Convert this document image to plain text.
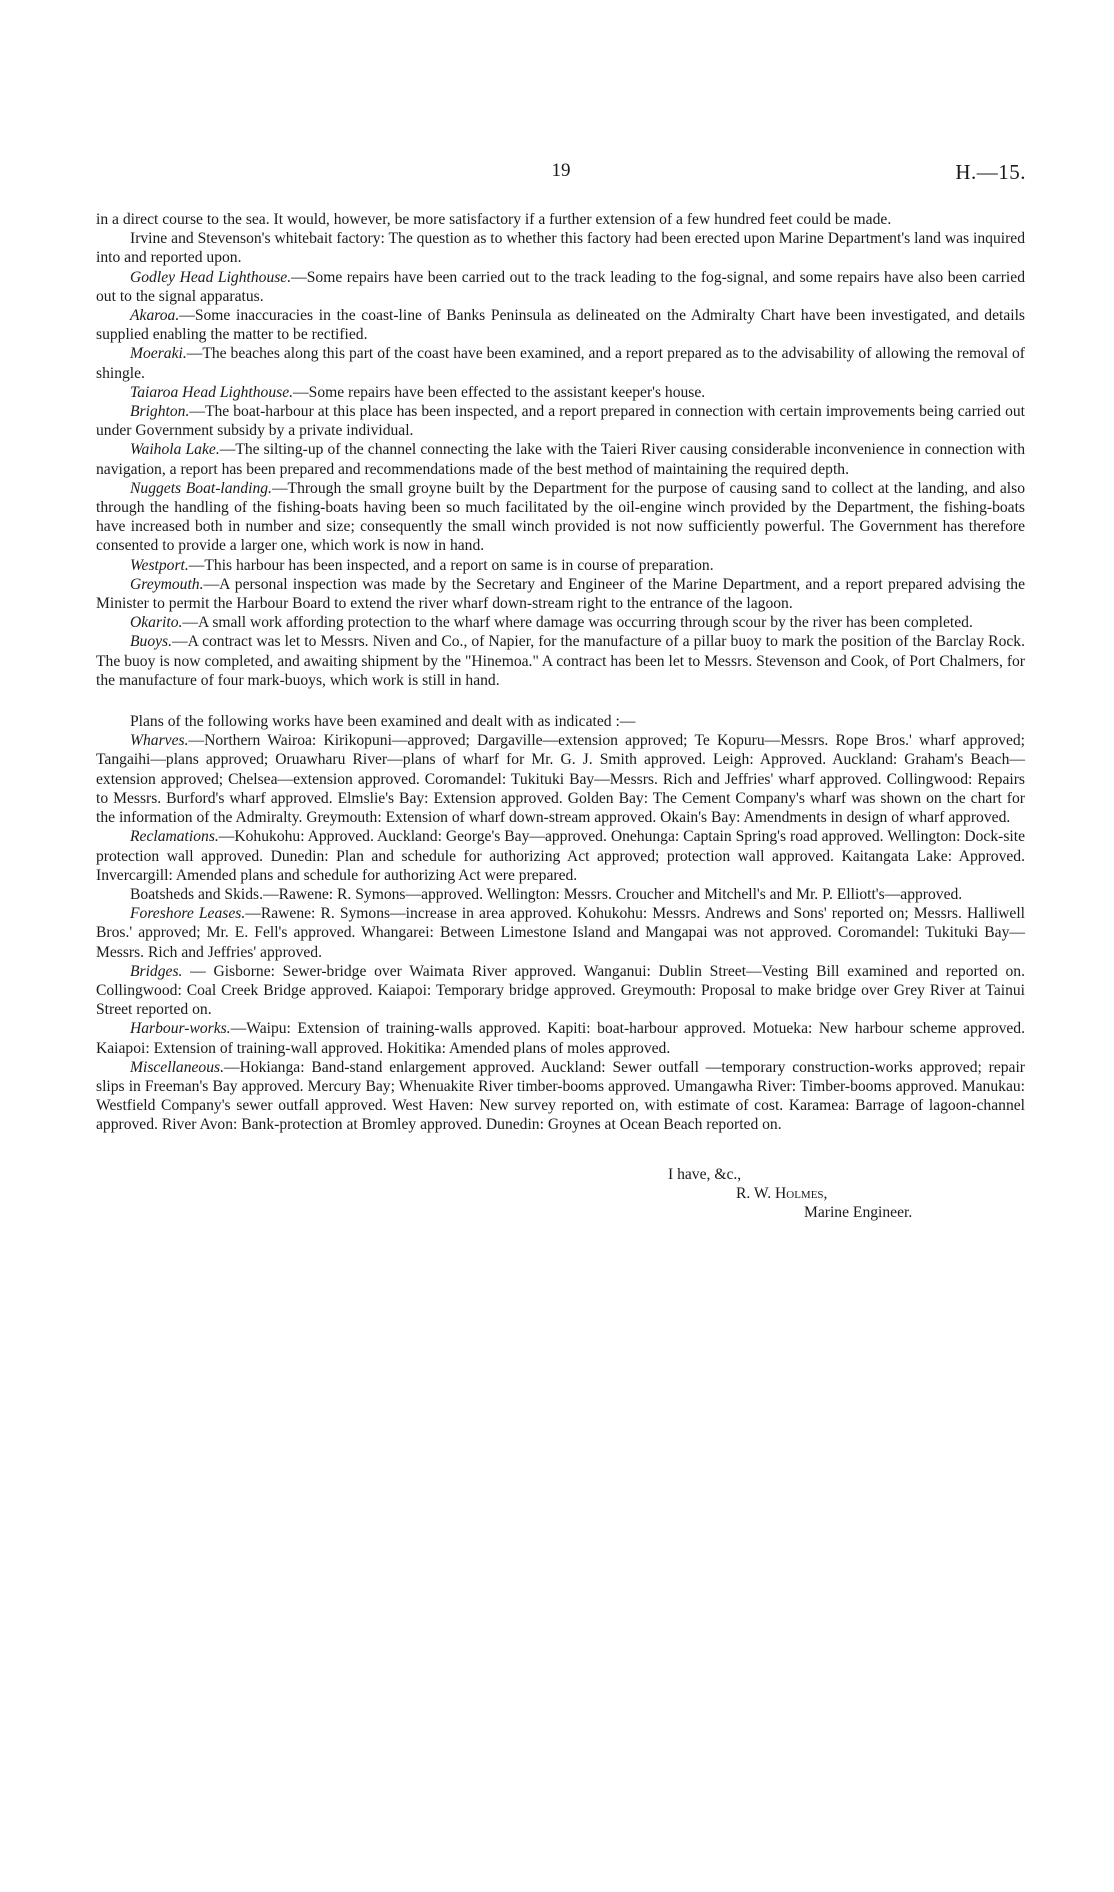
19	H.—15.

in a direct course to the sea. It would, however, be more satisfactory if a further extension of a few hundred feet could be made.

Irvine and Stevenson's whitebait factory: The question as to whether this factory had been erected upon Marine Department's land was inquired into and reported upon.

Godley Head Lighthouse.—Some repairs have been carried out to the track leading to the fog-signal, and some repairs have also been carried out to the signal apparatus.

Akaroa.—Some inaccuracies in the coast-line of Banks Peninsula as delineated on the Admiralty Chart have been investigated, and details supplied enabling the matter to be rectified.

Moeraki.—The beaches along this part of the coast have been examined, and a report prepared as to the advisability of allowing the removal of shingle.

Taiaroa Head Lighthouse.—Some repairs have been effected to the assistant keeper's house.

Brighton.—The boat-harbour at this place has been inspected, and a report prepared in connection with certain improvements being carried out under Government subsidy by a private individual.

Waihola Lake.—The silting-up of the channel connecting the lake with the Taieri River causing considerable inconvenience in connection with navigation, a report has been prepared and recommendations made of the best method of maintaining the required depth.

Nuggets Boat-landing.—Through the small groyne built by the Department for the purpose of causing sand to collect at the landing, and also through the handling of the fishing-boats having been so much facilitated by the oil-engine winch provided by the Department, the fishing-boats have increased both in number and size; consequently the small winch provided is not now sufficiently powerful. The Government has therefore consented to provide a larger one, which work is now in hand.

Westport.—This harbour has been inspected, and a report on same is in course of preparation.

Greymouth.—A personal inspection was made by the Secretary and Engineer of the Marine Department, and a report prepared advising the Minister to permit the Harbour Board to extend the river wharf down-stream right to the entrance of the lagoon.

Okarito.—A small work affording protection to the wharf where damage was occurring through scour by the river has been completed.

Buoys.—A contract was let to Messrs. Niven and Co., of Napier, for the manufacture of a pillar buoy to mark the position of the Barclay Rock. The buoy is now completed, and awaiting shipment by the "Hinemoa." A contract has been let to Messrs. Stevenson and Cook, of Port Chalmers, for the manufacture of four mark-buoys, which work is still in hand.

Plans of the following works have been examined and dealt with as indicated :—

Wharves.—Northern Wairoa: Kirikopuni—approved; Dargaville—extension approved; Te Kopuru—Messrs. Rope Bros.' wharf approved; Tangaihi—plans approved; Oruawharu River—plans of wharf for Mr. G. J. Smith approved. Leigh: Approved. Auckland: Graham's Beach—extension approved; Chelsea—extension approved. Coromandel: Tukituki Bay—Messrs. Rich and Jeffries' wharf approved. Collingwood: Repairs to Messrs. Burford's wharf approved. Elmslie's Bay: Extension approved. Golden Bay: The Cement Company's wharf was shown on the chart for the information of the Admiralty. Greymouth: Extension of wharf down-stream approved. Okain's Bay: Amendments in design of wharf approved.

Reclamations.—Kohukohu: Approved. Auckland: George's Bay—approved. Onehunga: Captain Spring's road approved. Wellington: Dock-site protection wall approved. Dunedin: Plan and schedule for authorizing Act approved; protection wall approved. Kaitangata Lake: Approved. Invercargill: Amended plans and schedule for authorizing Act were prepared.

Boatsheds and Skids.—Rawene: R. Symons—approved. Wellington: Messrs. Croucher and Mitchell's and Mr. P. Elliott's—approved.

Foreshore Leases.—Rawene: R. Symons—increase in area approved. Kohukohu: Messrs. Andrews and Sons' reported on; Messrs. Halliwell Bros.' approved; Mr. E. Fell's approved. Whangarei: Between Limestone Island and Mangapai was not approved. Coromandel: Tukituki Bay—Messrs. Rich and Jeffries' approved.

Bridges. — Gisborne: Sewer-bridge over Waimata River approved. Wanganui: Dublin Street—Vesting Bill examined and reported on. Collingwood: Coal Creek Bridge approved. Kaiapoi: Temporary bridge approved. Greymouth: Proposal to make bridge over Grey River at Tainui Street reported on.

Harbour-works.—Waipu: Extension of training-walls approved. Kapiti: boat-harbour approved. Motueka: New harbour scheme approved. Kaiapoi: Extension of training-wall approved. Hokitika: Amended plans of moles approved.

Miscellaneous.—Hokianga: Band-stand enlargement approved. Auckland: Sewer outfall —temporary construction-works approved; repair slips in Freeman's Bay approved. Mercury Bay; Whenuakite River timber-booms approved. Umangawha River: Timber-booms approved. Manukau: Westfield Company's sewer outfall approved. West Haven: New survey reported on, with estimate of cost. Karamea: Barrage of lagoon-channel approved. River Avon: Bank-protection at Bromley approved. Dunedin: Groynes at Ocean Beach reported on.

I have, &c.,
R. W. Holmes,
Marine Engineer.
